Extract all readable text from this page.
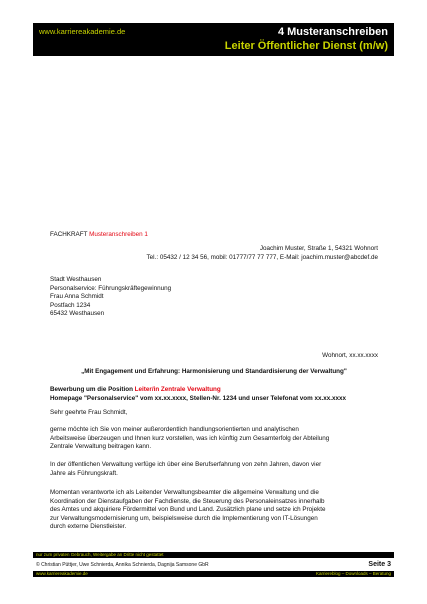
www.karriereakademie.de	4 Musteranschreiben
Leiter Öffentlicher Dienst (m/w)
FACHKRAFT Musteranschreiben 1
Joachim Muster, Straße 1, 54321 Wohnort
Tel.: 05432 / 12 34 56, mobil: 01777/77 77 777, E-Mail: joachim.muster@abcdef.de
Stadt Westhausen
Personalservice: Führungskräftegewinnung
Frau Anna Schmidt
Postfach 1234
65432 Westhausen
Wohnort, xx.xx.xxxx
„Mit Engagement und Erfahrung: Harmonisierung und Standardisierung der Verwaltung"
Bewerbung um die Position Leiter/in Zentrale Verwaltung
Homepage "Personalservice" vom xx.xx.xxxx, Stellen-Nr. 1234 und unser Telefonat vom xx.xx.xxxx
Sehr geehrte Frau Schmidt,
gerne möchte ich Sie von meiner außerordentlich handlungsorientierten und analytischen
Arbeitsweise überzeugen und Ihnen kurz vorstellen, was ich künftig zum Gesamterfolg der Abteilung
Zentrale Verwaltung beitragen kann.
In der öffentlichen Verwaltung verfüge ich über eine Berufserfahrung von zehn Jahren, davon vier
Jahre als Führungskraft.
Momentan verantworte ich als Leitender Verwaltungsbeamter die allgemeine Verwaltung und die
Koordination der Dienstaufgaben der Fachdienste, die Steuerung des Personaleinsatzes innerhalb
des Amtes und akquiriere Fördermittel von Bund und Land. Zusätzlich plane und setze ich Projekte
zur Verwaltungsmodernisierung um, beispielsweise durch die Implementierung von IT-Lösungen
durch externe Dienstleister.
nur zum privaten Gebrauch, Weitergabe an Dritte nicht gestattet
© Christian Püttjer, Uwe Schnierda, Annika Schnierda, Dagnija Samsone GbR	Seite 3
www.karriereakademie.de	Karriereblog – Downloads – Beratung
